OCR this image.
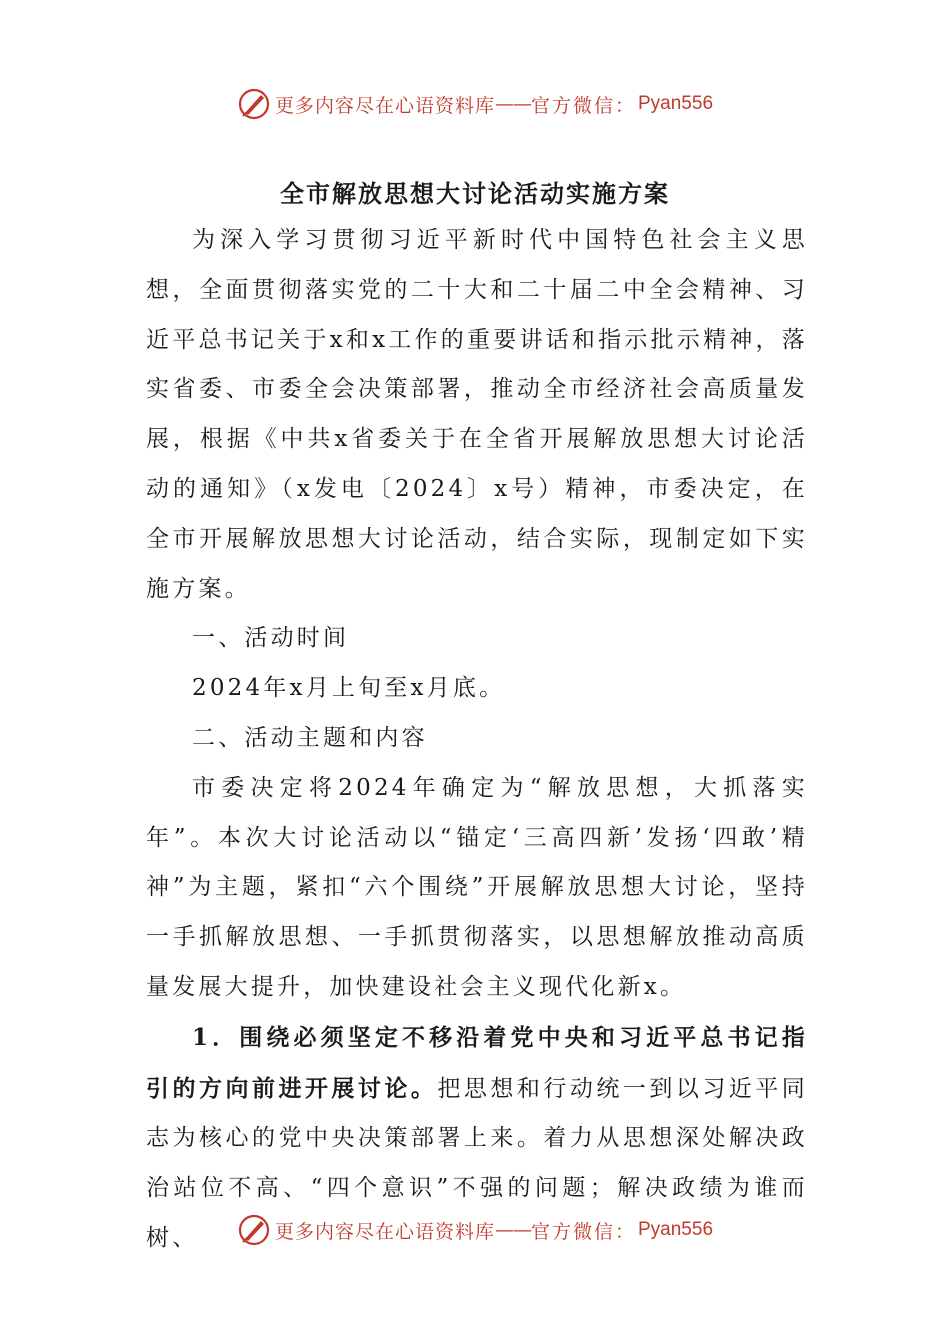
更多内容尽在心语资料库 —— 官方微信： Pyan556
全市解放思想大讨论活动实施方案

为深入学习贯彻习近平新时代中国特色社会主义思想，全面贯彻落实党的二十大和二十届二中全会精神、习近平总书记关于x和x工作的重要讲话和指示批示精神，落实省委、市委全会决策部署，推动全市经济社会高质量发展，根据《中共x省委关于在全省开展解放思想大讨论活动的通知》（x发电〔2024〕x号）精神，市委决定，在全市开展解放思想大讨论活动，结合实际，现制定如下实施方案。

一、活动时间

2024年x月上旬至x月底。

二、活动主题和内容

市委决定将2024年确定为“解放思想，大抓落实年”。本次大讨论活动以“锚定‘三高四新’发扬‘四敢’精神”为主题，紧扣“六个围绕”开展解放思想大讨论，坚持一手抓解放思想、一手抓贯彻落实，以思想解放推动高质量发展大提升，加快建设社会主义现代化新x。

1．围绕必须坚定不移沿着党中央和习近平总书记指引的方向前进开展讨论。把思想和行动统一到以习近平同志为核心的党中央决策部署上来。着力从思想深处解决政治站位不高、“四个意识”不强的问题；解决政绩为谁而树、	更多内容尽在心语资料库 —— 官方微信： Pyan556
